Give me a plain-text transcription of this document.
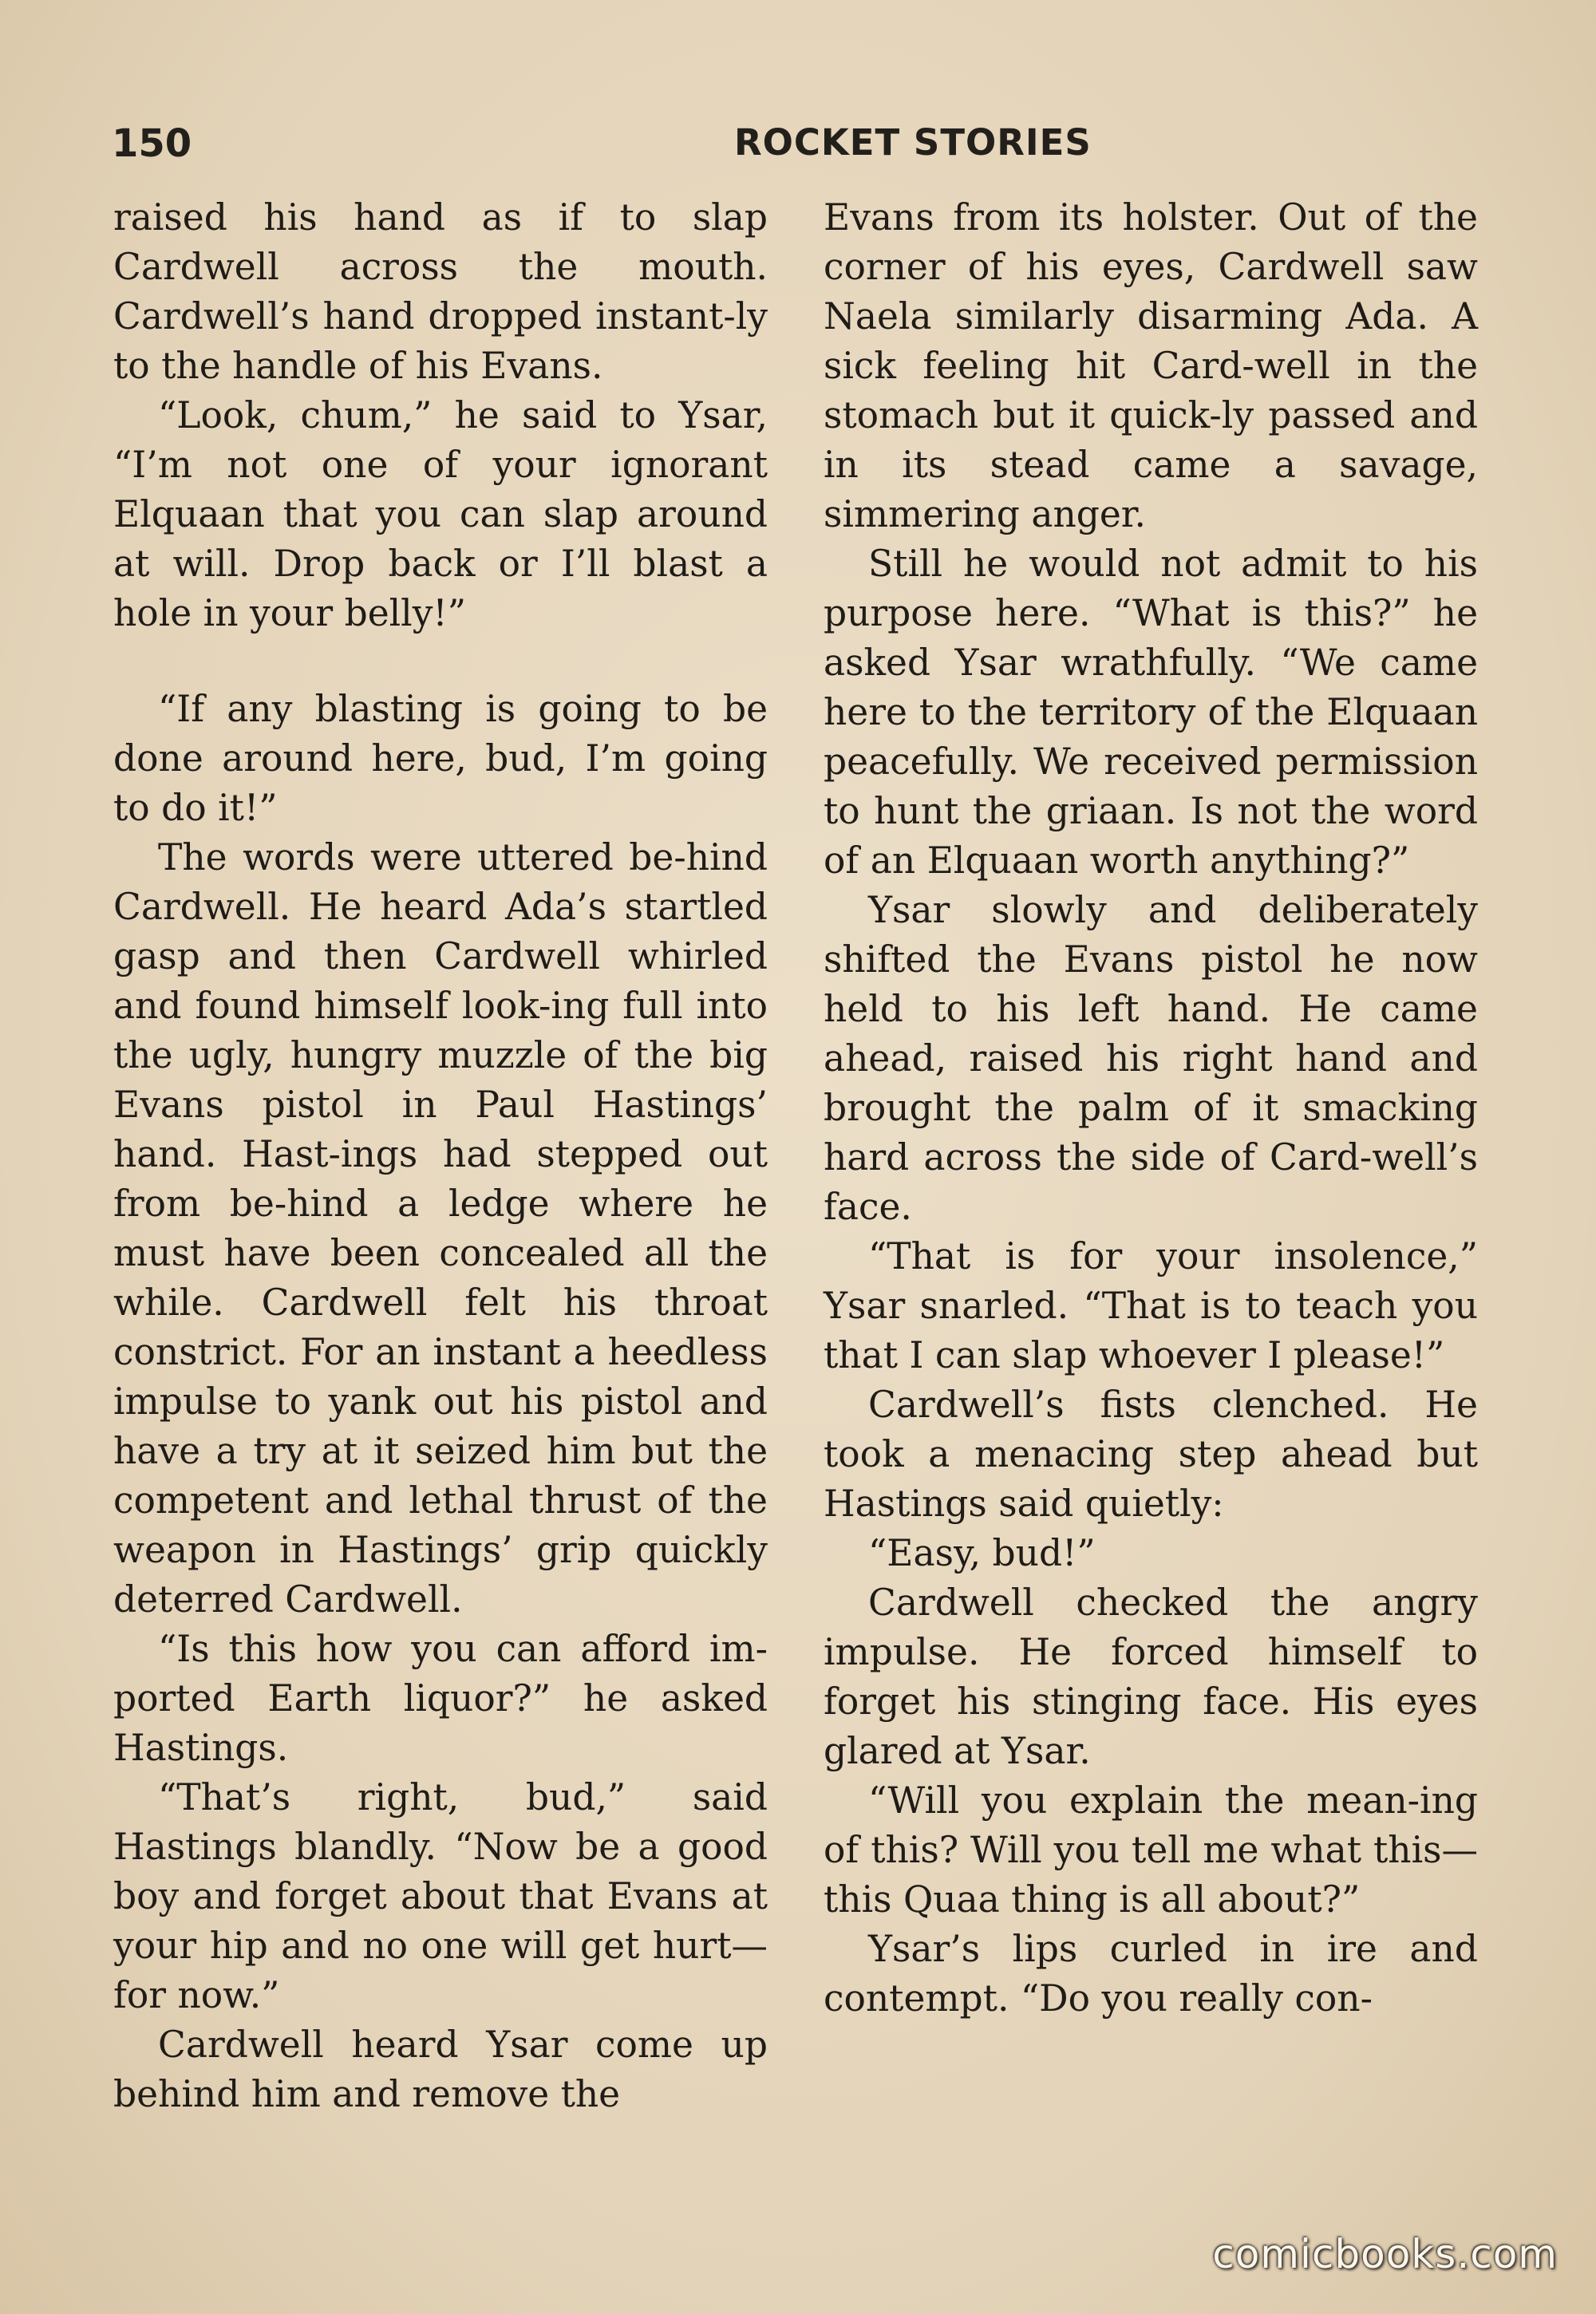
150	ROCKET STORIES

raised his hand as if to slap Cardwell across the mouth. Cardwell’s hand dropped instant-ly to the handle of his Evans.

“Look, chum,” he said to Ysar, “I’m not one of your ignorant Elquaan that you can slap around at will. Drop back or I’ll blast a hole in your belly!”

“If any blasting is going to be done around here, bud, I’m going to do it!”

The words were uttered be-hind Cardwell. He heard Ada’s startled gasp and then Cardwell whirled and found himself look-ing full into the ugly, hungry muzzle of the big Evans pistol in Paul Hastings’ hand. Hast-ings had stepped out from be-hind a ledge where he must have been concealed all the while. Cardwell felt his throat constrict. For an instant a heedless impulse to yank out his pistol and have a try at it seized him but the competent and lethal thrust of the weapon in Hastings’ grip quickly deterred Cardwell.

“Is this how you can afford im-ported Earth liquor?” he asked Hastings.

“That’s right, bud,” said Hastings blandly. “Now be a good boy and forget about that Evans at your hip and no one will get hurt—for now.”

Cardwell heard Ysar come up behind him and remove the

Evans from its holster. Out of the corner of his eyes, Cardwell saw Naela similarly disarming Ada. A sick feeling hit Card-well in the stomach but it quick-ly passed and in its stead came a savage, simmering anger.

Still he would not admit to his purpose here. “What is this?” he asked Ysar wrathfully. “We came here to the territory of the Elquaan peacefully. We received permission to hunt the griaan. Is not the word of an Elquaan worth anything?”

Ysar slowly and deliberately shifted the Evans pistol he now held to his left hand. He came ahead, raised his right hand and brought the palm of it smacking hard across the side of Card-well’s face.

“That is for your insolence,” Ysar snarled. “That is to teach you that I can slap whoever I please!”

Cardwell’s fists clenched. He took a menacing step ahead but Hastings said quietly:

“Easy, bud!”

Cardwell checked the angry impulse. He forced himself to forget his stinging face. His eyes glared at Ysar.

“Will you explain the mean-ing of this? Will you tell me what this—this Quaa thing is all about?”

Ysar’s lips curled in ire and contempt. “Do you really con-

comicbooks.com
